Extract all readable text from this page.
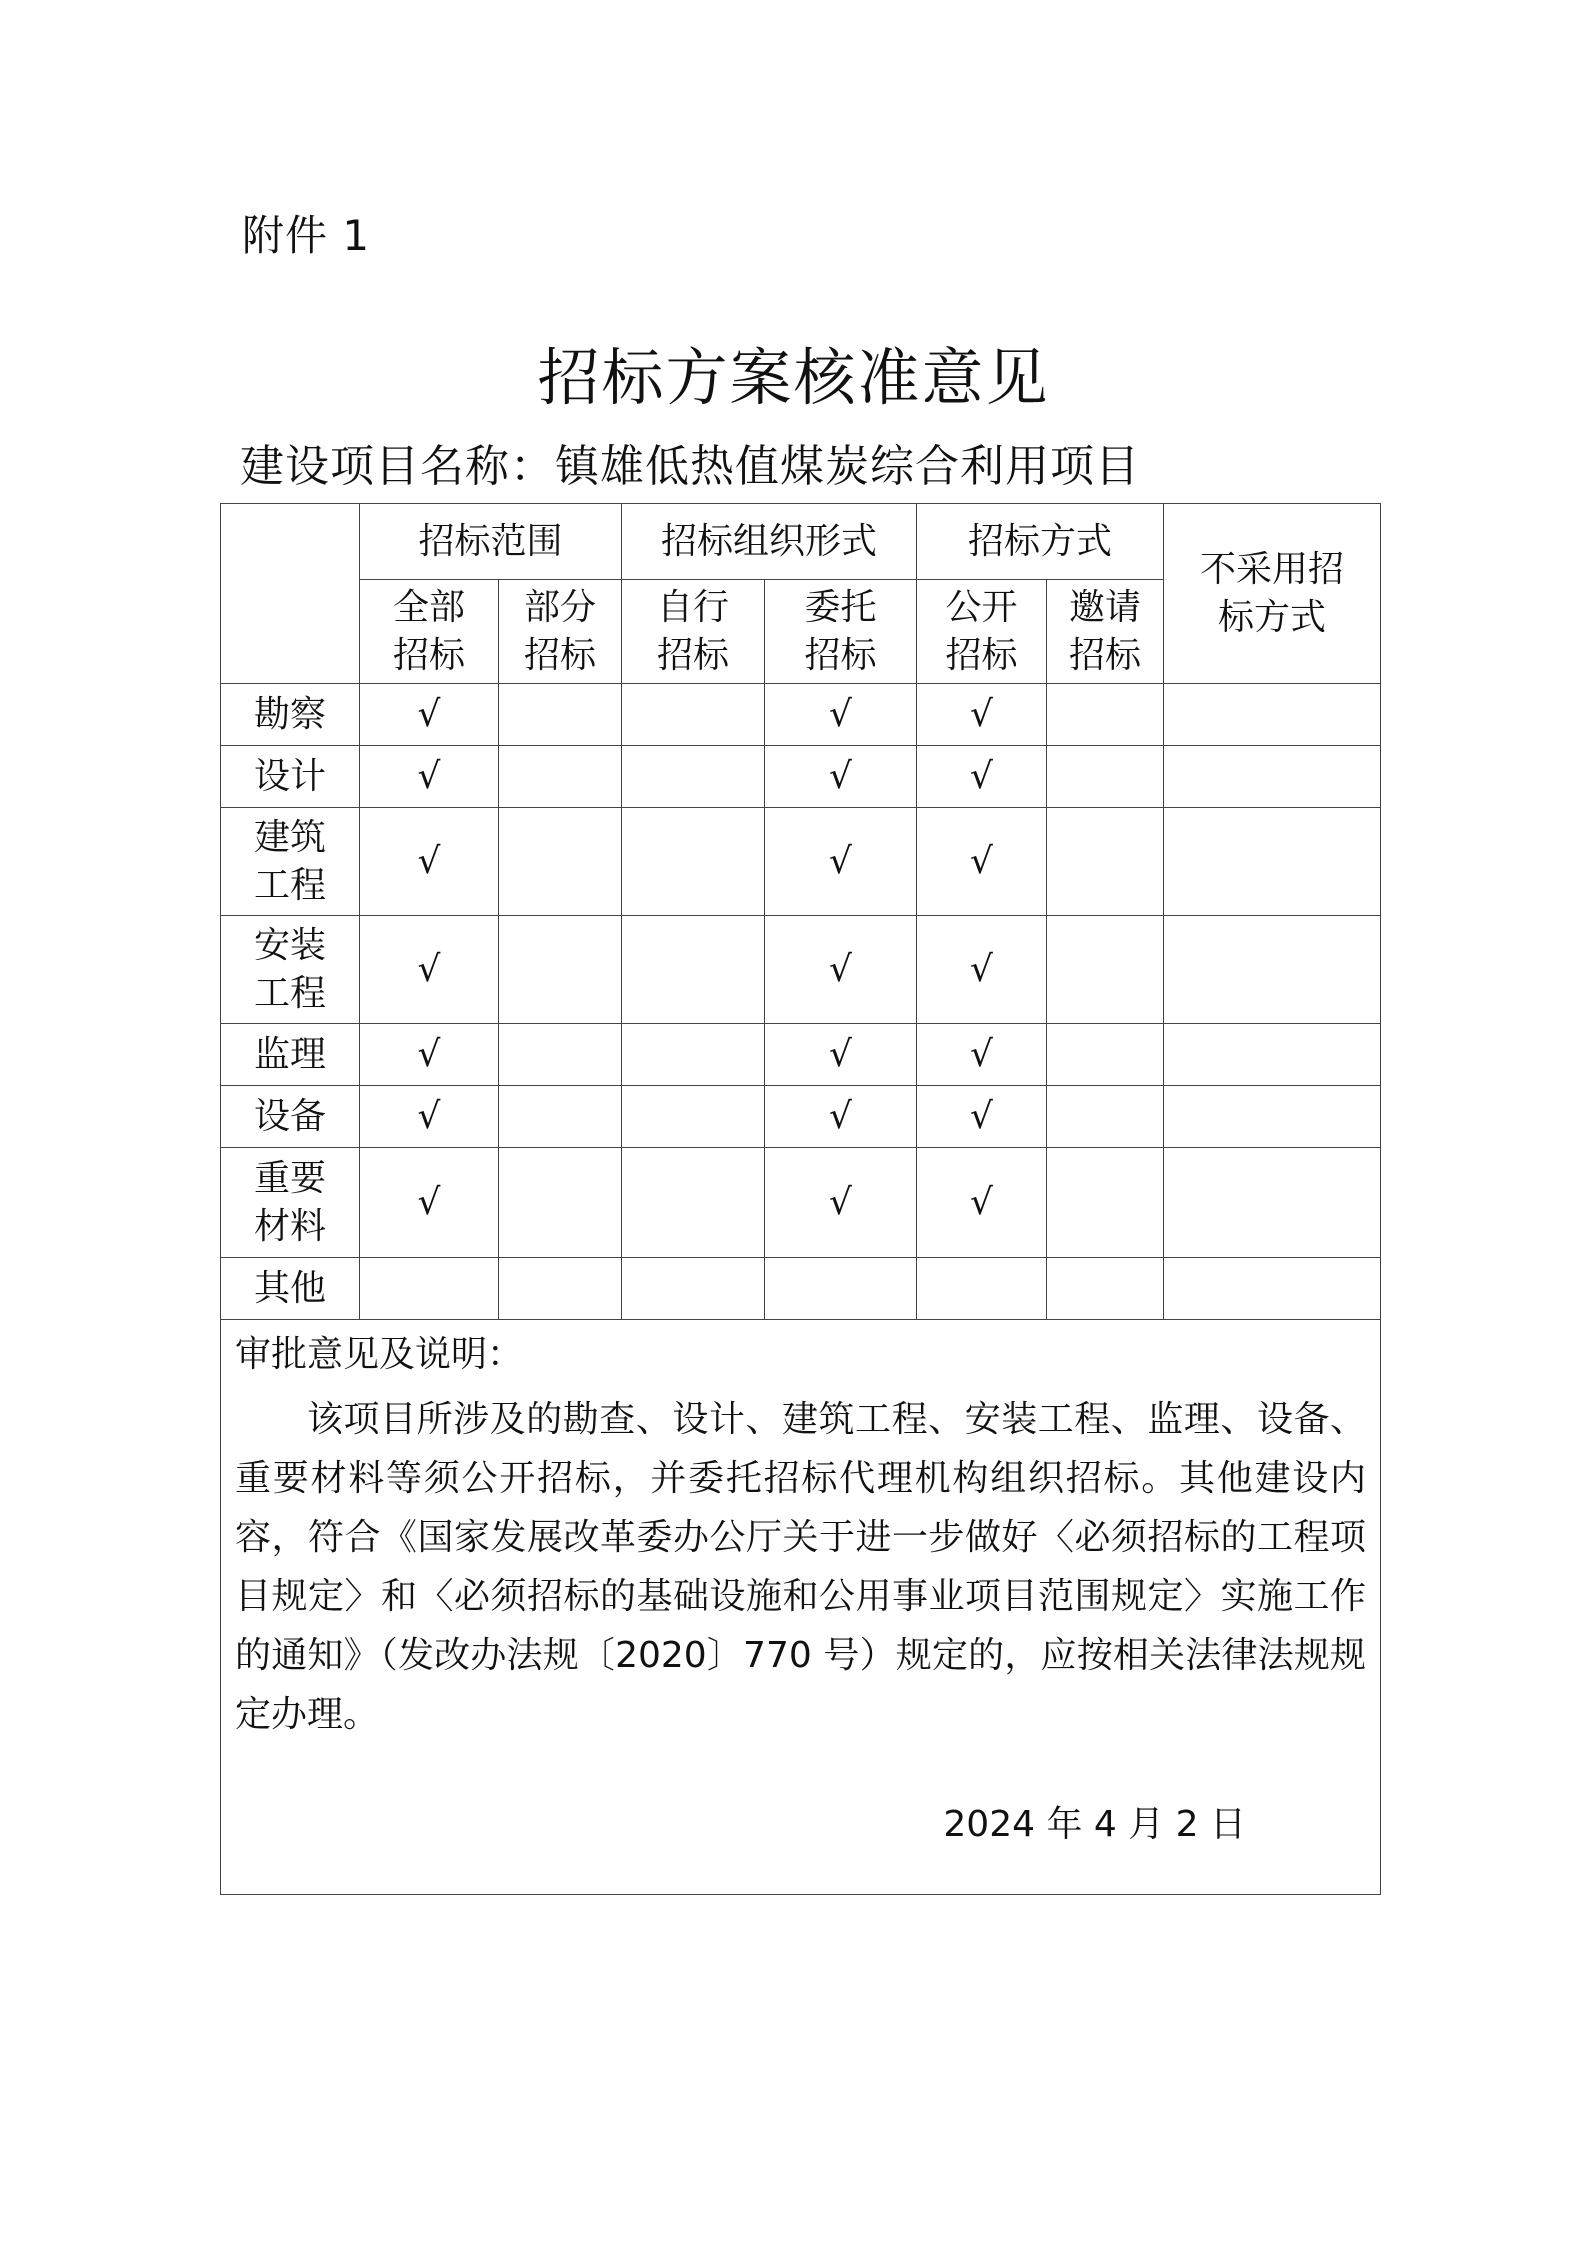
附件 1
招标方案核准意见
建设项目名称：镇雄低热值煤炭综合利用项目
	招标范围		招标组织形式		招标方式		不采用招标方式
	全部招标	部分招标	自行招标	委托招标	公开招标	邀请招标	
勘察	√			√	√		
设计	√			√	√		
建筑工程	√			√	√		
安装工程	√			√	√		
监理	√			√	√		
设备	√			√	√		
重要材料	√			√	√		
其他							

审批意见及说明：
该项目所涉及的勘查、设计、建筑工程、安装工程、监理、设备、重要材料等须公开招标，并委托招标代理机构组织招标。其他建设内容，符合《国家发展改革委办公厅关于进一步做好〈必须招标的工程项目规定〉和〈必须招标的基础设施和公用事业项目范围规定〉实施工作的通知》（发改办法规〔2020〕770 号）规定的，应按相关法律法规规定办理。
2024 年 4 月 2 日							
